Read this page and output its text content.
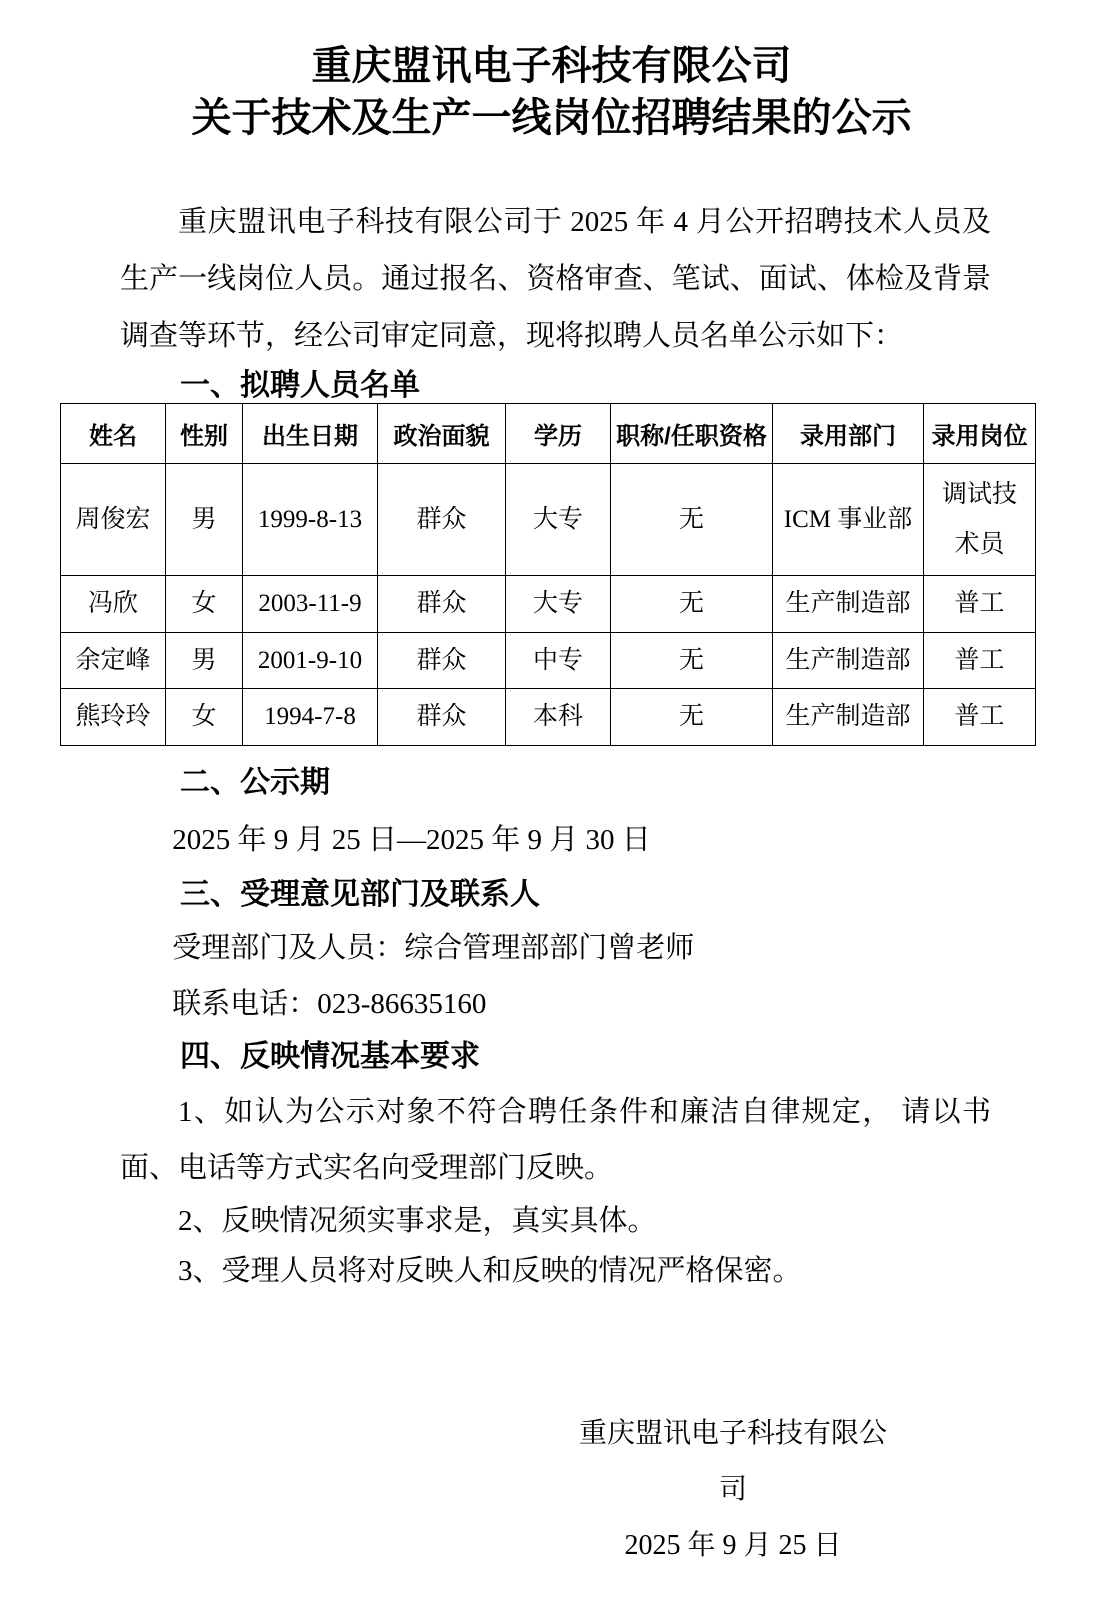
重庆盟讯电子科技有限公司
关于技术及生产一线岗位招聘结果的公示

重庆盟讯电子科技有限公司于 2025 年 4 月公开招聘技术人员及生产一线岗位人员。通过报名、资格审查、笔试、面试、体检及背景调查等环节，经公司审定同意，现将拟聘人员名单公示如下：

一、拟聘人员名单
姓名	性别	出生日期	政治面貌	学历	职称/任职资格	录用部门	录用岗位
周俊宏	男	1999-8-13	群众	大专	无	ICM 事业部	调试技术员
冯欣	女	2003-11-9	群众	大专	无	生产制造部	普工
余定峰	男	2001-9-10	群众	中专	无	生产制造部	普工
熊玲玲	女	1994-7-8	群众	本科	无	生产制造部	普工
二、公示期

2025 年 9 月 25 日—2025 年 9 月 30 日

三、受理意见部门及联系人

受理部门及人员：综合管理部部门曾老师

联系电话：023-86635160

四、反映情况基本要求

1、如认为公示对象不符合聘任条件和廉洁自律规定， 请以书面、电话等方式实名向受理部门反映。

2、反映情况须实事求是，真实具体。

3、受理人员将对反映人和反映的情况严格保密。

重庆盟讯电子科技有限公司
2025 年 9 月 25 日
